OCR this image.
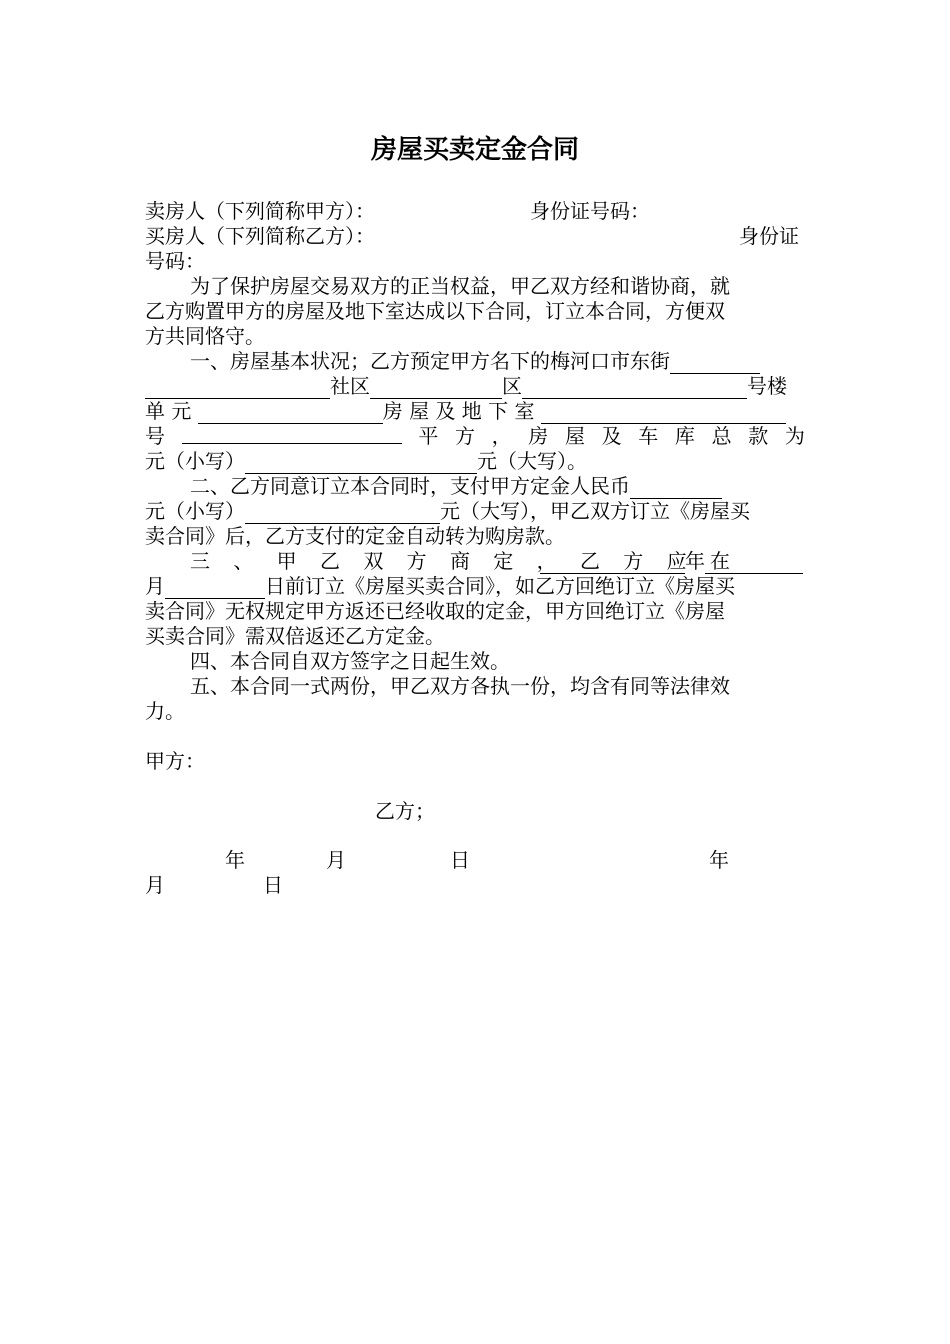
房屋买卖定金合同
卖房人（下列简称甲方）：	身份证号码：
买房人（下列简称乙方）：	身份证
号码：
为了保护房屋交易双方的正当权益，甲乙双方经和谐协商，就
乙方购置甲方的房屋及地下室达成以下合同，订立本合同，方便双
方共同恪守。
一、房屋基本状况；乙方预定甲方名下的梅河口市东街
社区	区	号楼
单 元	房 屋 及 地 下 室
号	平 方 ， 房 屋 及 车 库 总 款 为
元（小写）	元（大写）。
二、乙方同意订立本合同时，支付甲方定金人民币
元（小写）	元（大写），甲乙双方订立《房屋买
卖合同》后，乙方支付的定金自动转为购房款。
三 、 甲 乙 双 方 商 定 ， 乙 方 应 在
年
月	日前订立《房屋买卖合同》，如乙方回绝订立《房屋买
卖合同》无权规定甲方返还已经收取的定金，甲方回绝订立《房屋
买卖合同》需双倍返还乙方定金。
四、本合同自双方签字之日起生效。
五、本合同一式两份，甲乙双方各执一份，均含有同等法律效
力。
甲方：
乙方；
年	月	日	年
月	日
